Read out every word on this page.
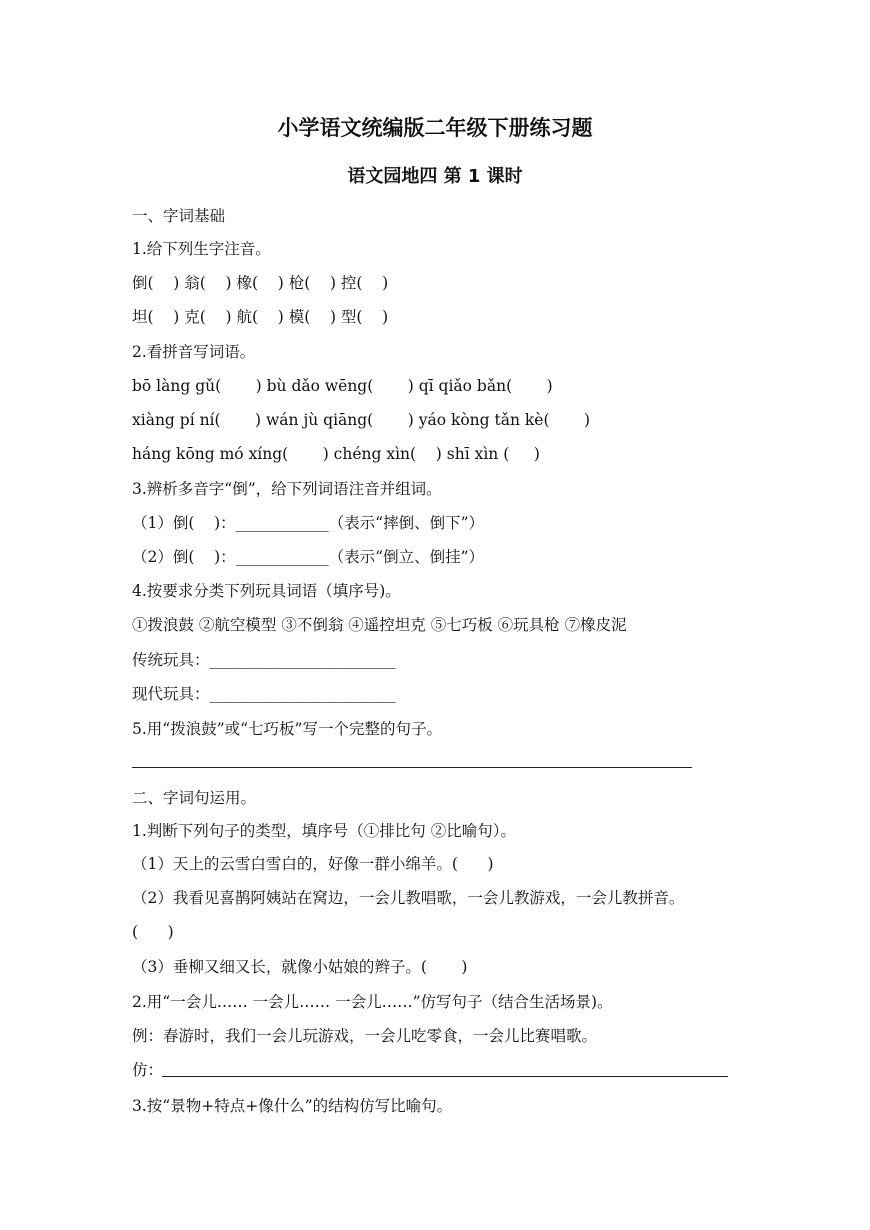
小学语文统编版二年级下册练习题
语文园地四 第 1 课时
一、字词基础
1.给下列生字注音。
倒(    ) 翁(    ) 橡(    ) 枪(    ) 控(    )
坦(    ) 克(    ) 航(    ) 模(    ) 型(    )
2.看拼音写词语。
bō làng gǔ(       ) bù dǎo wēng(       ) qī qiǎo bǎn(       )
xiàng pí ní(       ) wán jù qiāng(       ) yáo kòng tǎn kè(       )
háng kōng mó xíng(       ) chéng xìn(    ) shī xìn (     )
3.辨析多音字“倒”，给下列词语注音并组词。
（1）倒(    )：____________（表示“摔倒、倒下”）
（2）倒(    )：____________（表示“倒立、倒挂”）
4.按要求分类下列玩具词语（填序号)。
①拨浪鼓 ②航空模型 ③不倒翁 ④遥控坦克 ⑤七巧板 ⑥玩具枪 ⑦橡皮泥
传统玩具：________________________
现代玩具：________________________
5.用“拨浪鼓”或“七巧板”写一个完整的句子。
二、字词句运用。
1.判断下列句子的类型，填序号（①排比句 ②比喻句）。
（1）天上的云雪白雪白的，好像一群小绵羊。(      )
（2）我看见喜鹊阿姨站在窝边，一会儿教唱歌，一会儿教游戏，一会儿教拼音。
(      )
（3）垂柳又细又长，就像小姑娘的辫子。(       )
2.用“一会儿…… 一会儿…… 一会儿……”仿写句子（结合生活场景)。
例：春游时，我们一会儿玩游戏，一会儿吃零食，一会儿比赛唱歌。
仿：
3.按“景物+特点+像什么”的结构仿写比喻句。
